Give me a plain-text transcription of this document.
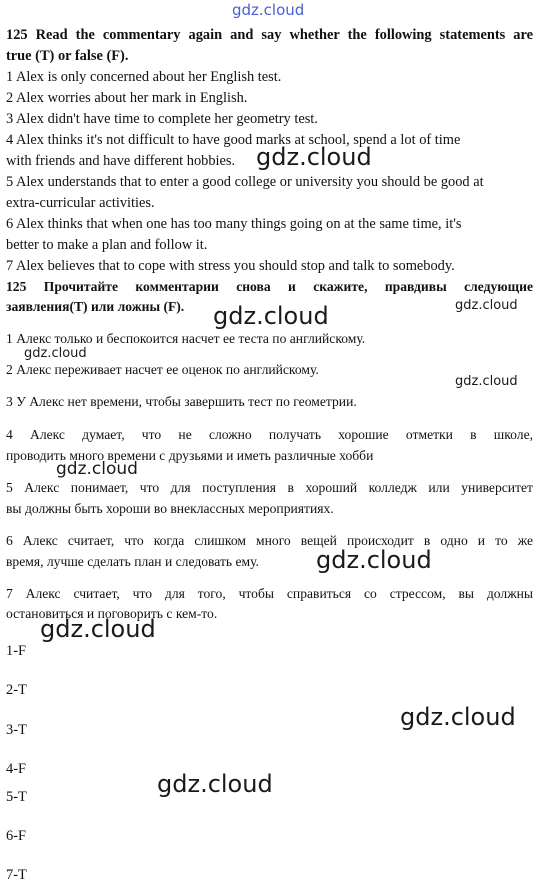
gdz.cloud
gdz.cloud
gdz.cloud
gdz.cloud
gdz.cloud
gdz.cloud
gdz.cloud
gdz.cloud
gdz.cloud
gdz.cloud
gdz.cloud
125 Read the commentary again and say whether the following statements are
true (T) or false (F).
1 Alex is only concerned about her English test.
2 Alex worries about her mark in English.
3 Alex didn't have time to complete her geometry test.
4 Alex thinks it's not difficult to have good marks at school, spend a lot of time
with friends and have different hobbies.
5 Alex understands that to enter a good college or university you should be good at
extra-curricular activities.
6 Alex thinks that when one has too many things going on at the same time, it's
better to make a plan and follow it.
7 Alex believes that to cope with stress you should stop and talk to somebody.
125 Прочитайте комментарии снова и скажите, правдивы следующие
заявления(T) или ложны (F).
1 Алекс только и беспокоится насчет ее теста по английскому.
2 Алекс переживает насчет ее оценок по английскому.
3 У Алекс нет времени, чтобы завершить тест по геометрии.
4 Алекс думает, что не сложно получать хорошие отметки в школе,
проводить много времени с друзьями и иметь различные хобби
5 Алекс понимает, что для поступления в хороший колледж или университет
вы должны быть хороши во внеклассных мероприятиях.
6 Алекс считает, что когда слишком много вещей происходит в одно и то же
время, лучше сделать план и следовать ему.
7 Алекс считает, что для того, чтобы справиться со стрессом, вы должны
остановиться и поговорить с кем-то.
1-F
2-T
3-T
4-F
5-T
6-F
7-T
